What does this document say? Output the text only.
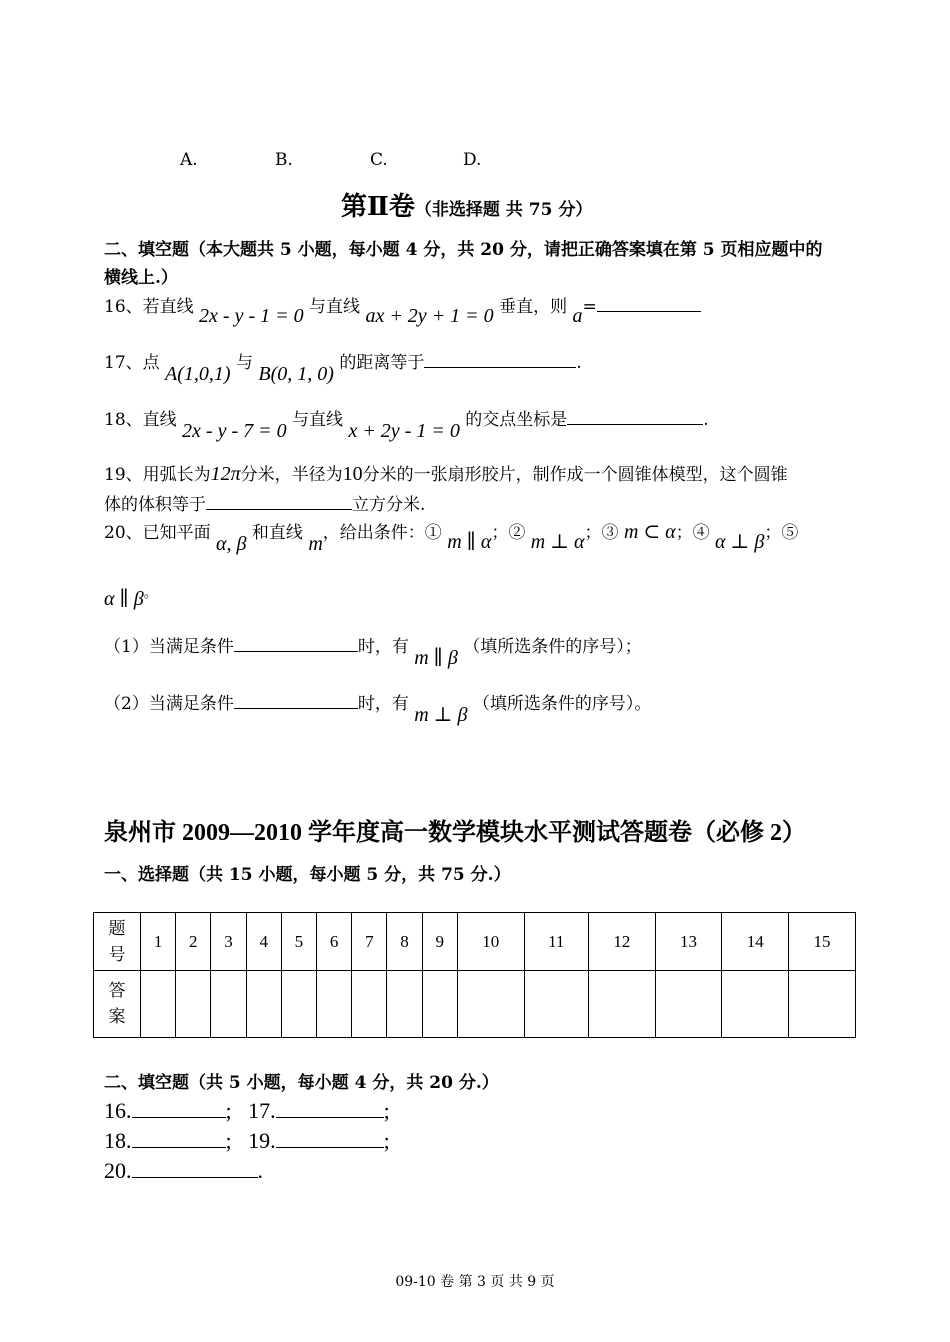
A.	B.	C.	D.
第Ⅱ卷（非选择题 共 75 分）
二、填空题（本大题共 5 小题，每小题 4 分，共 20 分，请把正确答案填在第 5 页相应题中的
横线上.）
16、若直线 2x - y - 1 = 0 与直线 ax + 2y + 1 = 0 垂直，则 a=
17、点 A(1,0,1) 与 B(0, 1, 0) 的距离等于	.
18、直线 2x - y - 7 = 0 与直线 x + 2y - 1 = 0 的交点坐标是	.
19、用弧长为12π分米，半径为10分米的一张扇形胶片，制作成一个圆锥体模型，这个圆锥
体的体积等于	立方分米.
20、已知平面 α, β 和直线 m，给出条件：① m ∥ α；② m ⊥ α；③ m ⊂ α；④ α ⊥ β；⑤
α ∥ β。
（1）当满足条件	时，有 m ∥ β （填所选条件的序号）；
（2）当满足条件	时，有 m ⊥ β （填所选条件的序号）。
泉州市 2009—2010 学年度高一数学模块水平测试答题卷（必修 2）
一、选择题（共 15 小题，每小题 5 分，共 75 分.）
题
号	1	2	3	4	5	6	7	8	9	10	11	12	13	14	15
答
案															
二、填空题（共 5 小题，每小题 4 分，共 20 分.）
16.	; 17.	;
18.	; 19.	;
20.	.
09-10 卷 第 3 页 共 9 页
